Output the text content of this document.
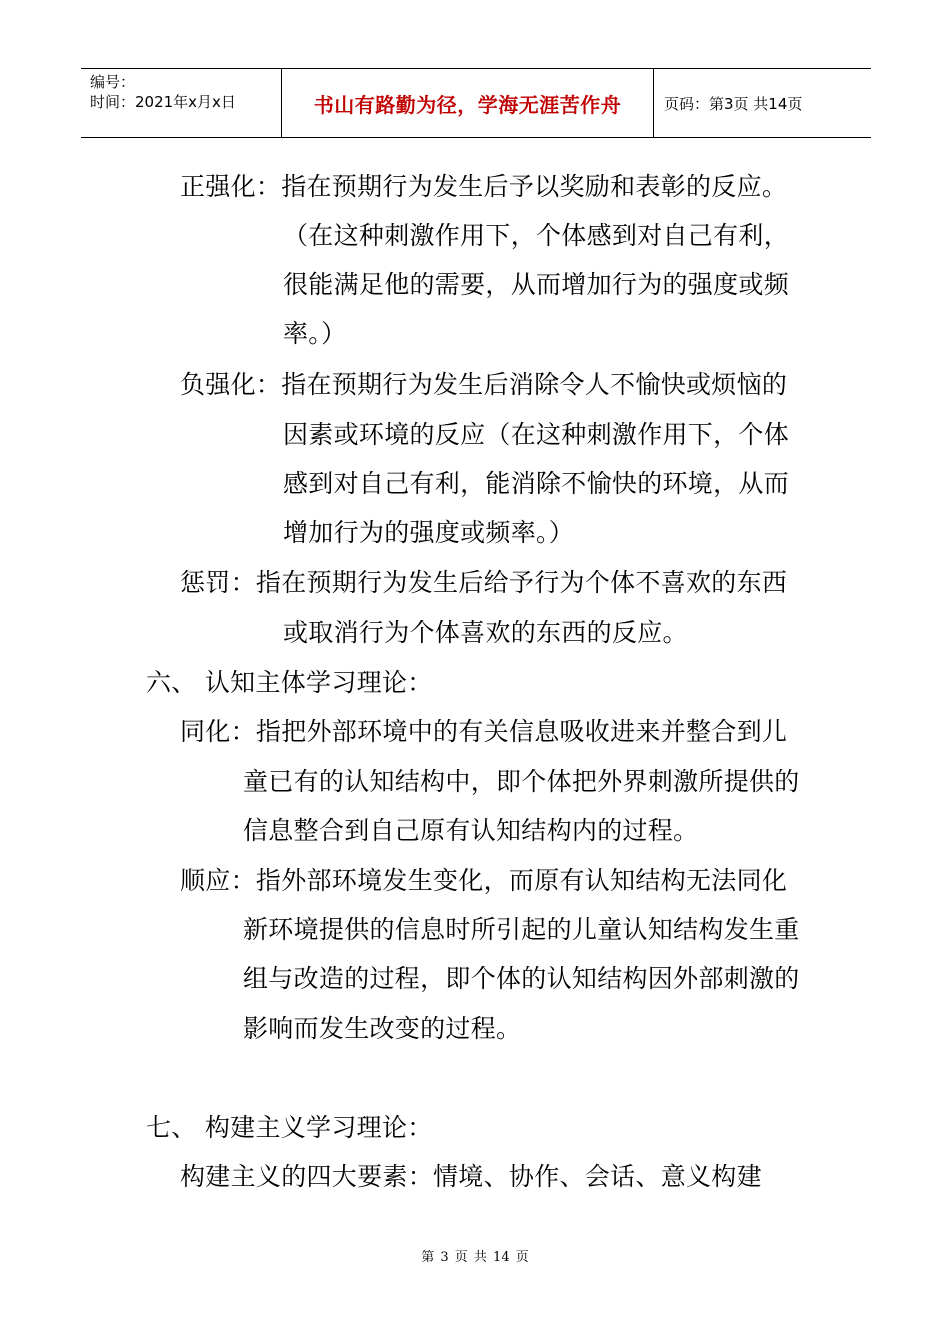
编号：
时间：2021年x月x日	书山有路勤为径，学海无涯苦作舟	页码：第3页 共14页
正强化：指在预期行为发生后予以奖励和表彰的反应。
（在这种刺激作用下，个体感到对自己有利，
很能满足他的需要，从而增加行为的强度或频
率。）
负强化：指在预期行为发生后消除令人不愉快或烦恼的
因素或环境的反应（在这种刺激作用下，个体
感到对自己有利，能消除不愉快的环境，从而
增加行为的强度或频率。）
惩罚：指在预期行为发生后给予行为个体不喜欢的东西
或取消行为个体喜欢的东西的反应。
六、 认知主体学习理论：
同化：指把外部环境中的有关信息吸收进来并整合到儿
童已有的认知结构中，即个体把外界刺激所提供的
信息整合到自己原有认知结构内的过程。
顺应：指外部环境发生变化，而原有认知结构无法同化
新环境提供的信息时所引起的儿童认知结构发生重
组与改造的过程，即个体的认知结构因外部刺激的
影响而发生改变的过程。
七、 构建主义学习理论：
构建主义的四大要素：情境、协作、会话、意义构建
第 3 页 共 14 页
